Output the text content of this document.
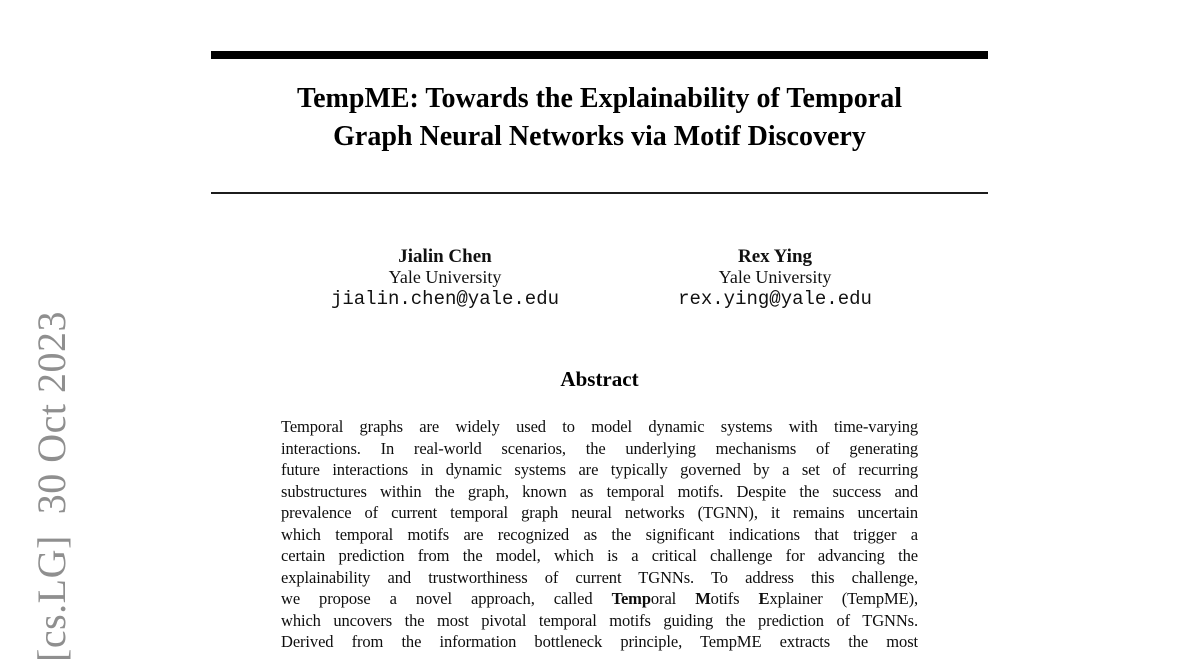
[cs.LG]  30 Oct 2023
TempME: Towards the Explainability of Temporal
Graph Neural Networks via Motif Discovery
Jialin Chen
Yale University
jialin.chen@yale.edu
Rex Ying
Yale University
rex.ying@yale.edu
Abstract
Temporal graphs are widely used to model dynamic systems with time-varying
interactions. In real-world scenarios, the underlying mechanisms of generating
future interactions in dynamic systems are typically governed by a set of recurring
substructures within the graph, known as temporal motifs. Despite the success and
prevalence of current temporal graph neural networks (TGNN), it remains uncertain
which temporal motifs are recognized as the significant indications that trigger a
certain prediction from the model, which is a critical challenge for advancing the
explainability and trustworthiness of current TGNNs. To address this challenge,
we propose a novel approach, called Temporal Motifs Explainer (TempME),
which uncovers the most pivotal temporal motifs guiding the prediction of TGNNs.
Derived from the information bottleneck principle, TempME extracts the most
